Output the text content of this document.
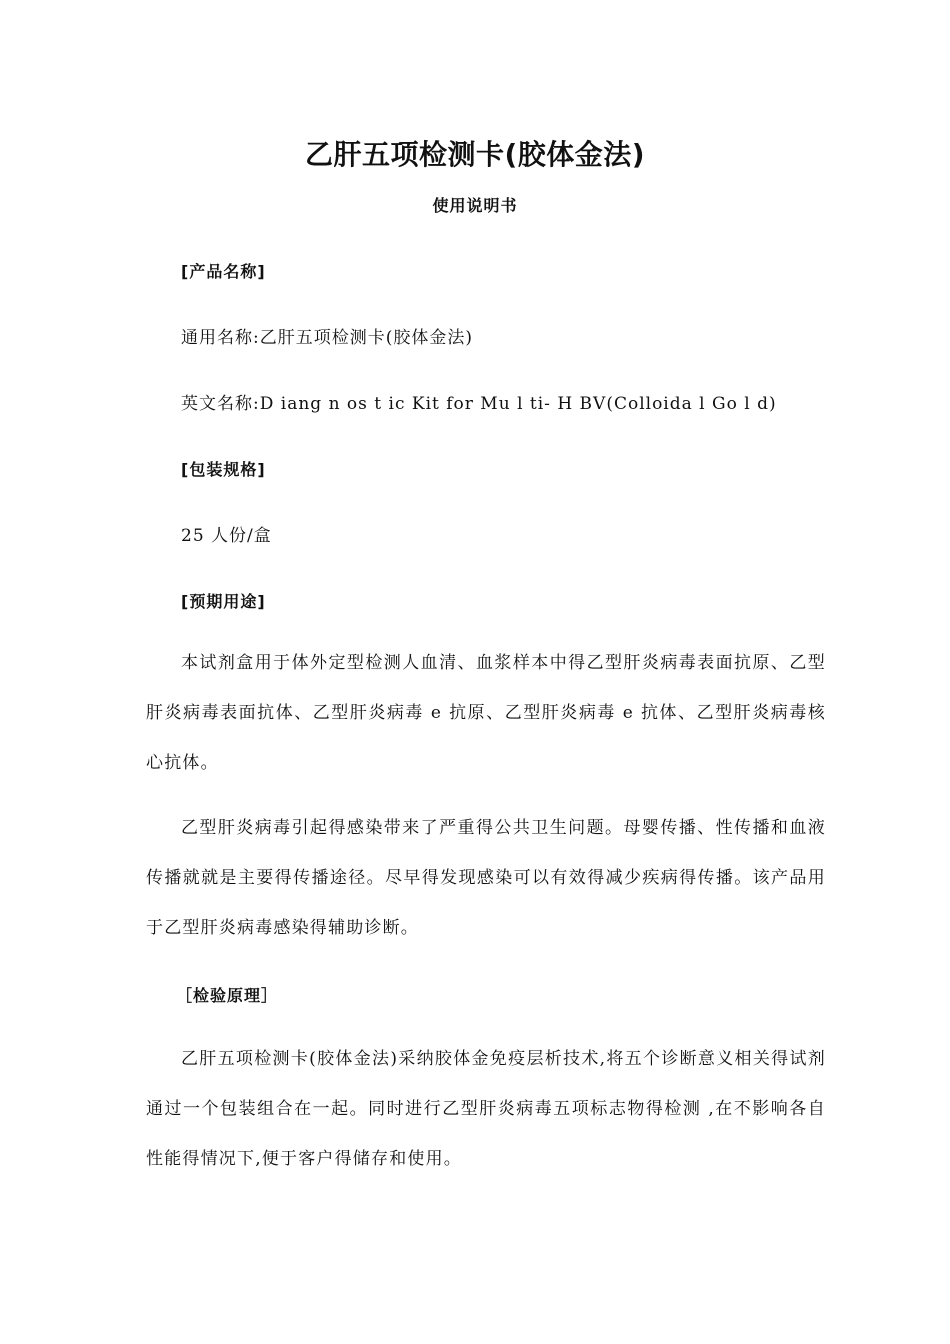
乙肝五项检测卡(胶体金法)
使用说明书
[产品名称]
通用名称:乙肝五项检测卡(胶体金法)
英文名称:D iang n os t ic Kit for Mu l ti- H BV(Colloida l Go l d)
[包装规格]
25 人份/盒
[预期用途]
本试剂盒用于体外定型检测人血清、血浆样本中得乙型肝炎病毒表面抗原、乙型肝炎病毒表面抗体、乙型肝炎病毒 e 抗原、乙型肝炎病毒 e 抗体、乙型肝炎病毒核心抗体。
乙型肝炎病毒引起得感染带来了严重得公共卫生问题。母婴传播、性传播和血液传播就就是主要得传播途径。尽早得发现感染可以有效得减少疾病得传播。该产品用于乙型肝炎病毒感染得辅助诊断。
［检验原理］
乙肝五项检测卡(胶体金法)采纳胶体金免疫层析技术,将五个诊断意义相关得试剂通过一个包装组合在一起。同时进行乙型肝炎病毒五项标志物得检测 ,在不影响各自性能得情况下,便于客户得储存和使用。
